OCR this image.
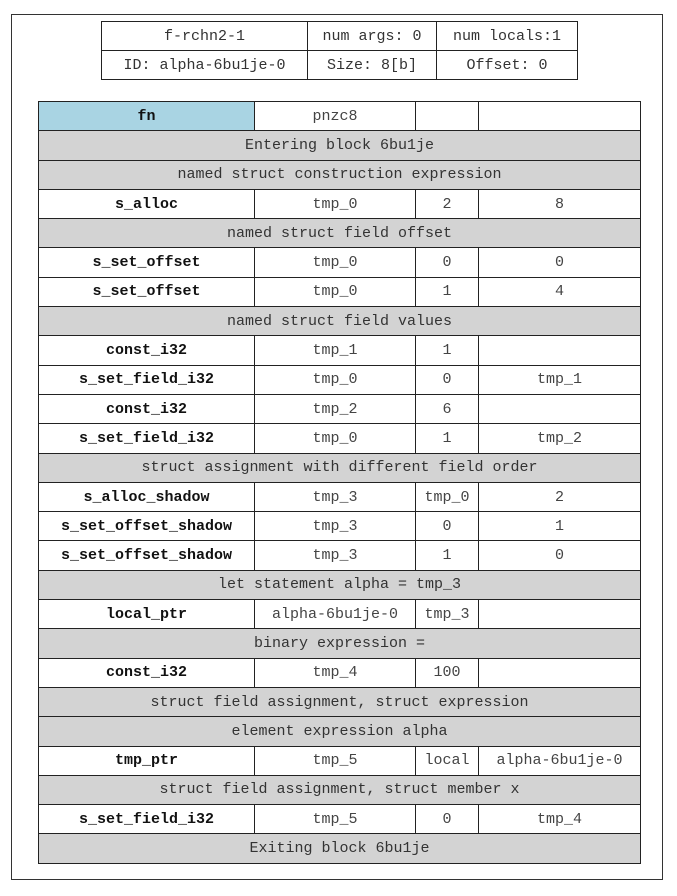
f-rchn2-1	num args: 0	num locals:1
ID: alpha-6bu1je-0	Size: 8[b]	Offset: 0
fn	pnzc8		
Entering block 6bu1je			
named struct construction expression			
s_alloc	tmp_0	2	8
named struct field offset			
s_set_offset	tmp_0	0	0
s_set_offset	tmp_0	1	4
named struct field values			
const_i32	tmp_1	1	
s_set_field_i32	tmp_0	0	tmp_1
const_i32	tmp_2	6	
s_set_field_i32	tmp_0	1	tmp_2
struct assignment with different field order			
s_alloc_shadow	tmp_3	tmp_0	2
s_set_offset_shadow	tmp_3	0	1
s_set_offset_shadow	tmp_3	1	0
let statement alpha = tmp_3			
local_ptr	alpha-6bu1je-0	tmp_3	
binary expression =			
const_i32	tmp_4	100	
struct field assignment, struct expression			
element expression alpha			
tmp_ptr	tmp_5	local	alpha-6bu1je-0
struct field assignment, struct member x			
s_set_field_i32	tmp_5	0	tmp_4
Exiting block 6bu1je			
